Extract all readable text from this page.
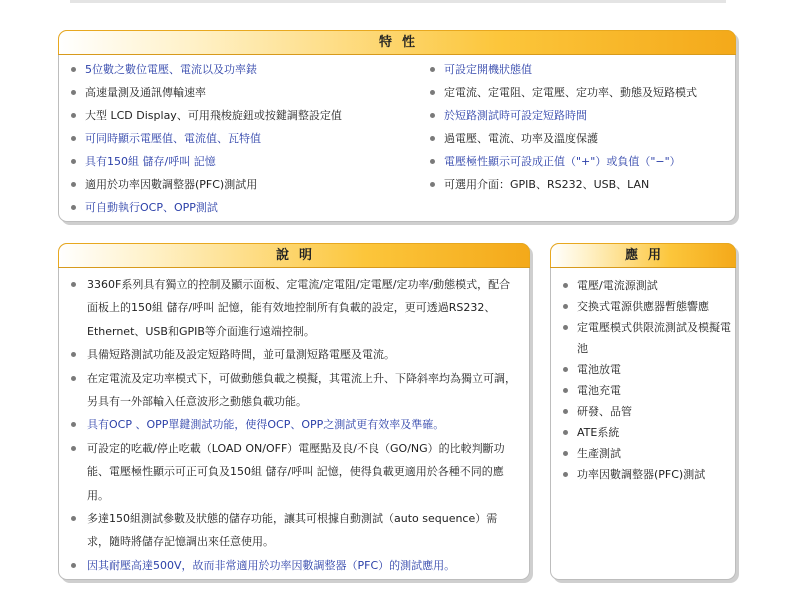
特性
5位數之數位電壓、電流以及功率錶
高速量測及通訊傳輸速率
大型 LCD Display、可用飛梭旋鈕或按鍵調整設定值
可同時顯示電壓值、電流值、瓦特值
具有150組 儲存/呼叫 記憶
適用於功率因數調整器(PFC)測試用
可自動執行OCP、OPP測試
可設定開機狀態值
定電流、定電阻、定電壓、定功率、動態及短路模式
於短路測試時可設定短路時間
過電壓、電流、功率及溫度保護
電壓極性顯示可設成正值（"+"）或負值（"−"）
可選用介面：GPIB、RS232、USB、LAN
說明
3360F系列具有獨立的控制及顯示面板、定電流/定電阻/定電壓/定功率/動態模式，配合面板上的150組 儲存/呼叫 記憶，能有效地控制所有負載的設定，更可透過RS232、Ethernet、USB和GPIB等介面進行遠端控制。
具備短路測試功能及設定短路時間，並可量測短路電壓及電流。
在定電流及定功率模式下，可做動態負載之模擬，其電流上升、下降斜率均為獨立可調，另具有一外部輸入任意波形之動態負載功能。
具有OCP 、OPP單鍵測試功能，使得OCP、OPP之測試更有效率及準確。
可設定的吃載/停止吃載（LOAD ON/OFF）電壓點及良/不良（GO/NG）的比較判斷功能、電壓極性顯示可正可負及150組 儲存/呼叫 記憶，使得負載更適用於各種不同的應用。
多達150組測試參數及狀態的儲存功能，讓其可根據自動測試（auto sequence）需求，隨時將儲存記憶調出來任意使用。
因其耐壓高達500V，故而非常適用於功率因數調整器（PFC）的測試應用。
應用
電壓/電流源測試
交換式電源供應器暫態響應
定電壓模式供限流測試及模擬電池
電池放電
電池充電
研發、品管
ATE系統
生產測試
功率因數調整器(PFC)測試
